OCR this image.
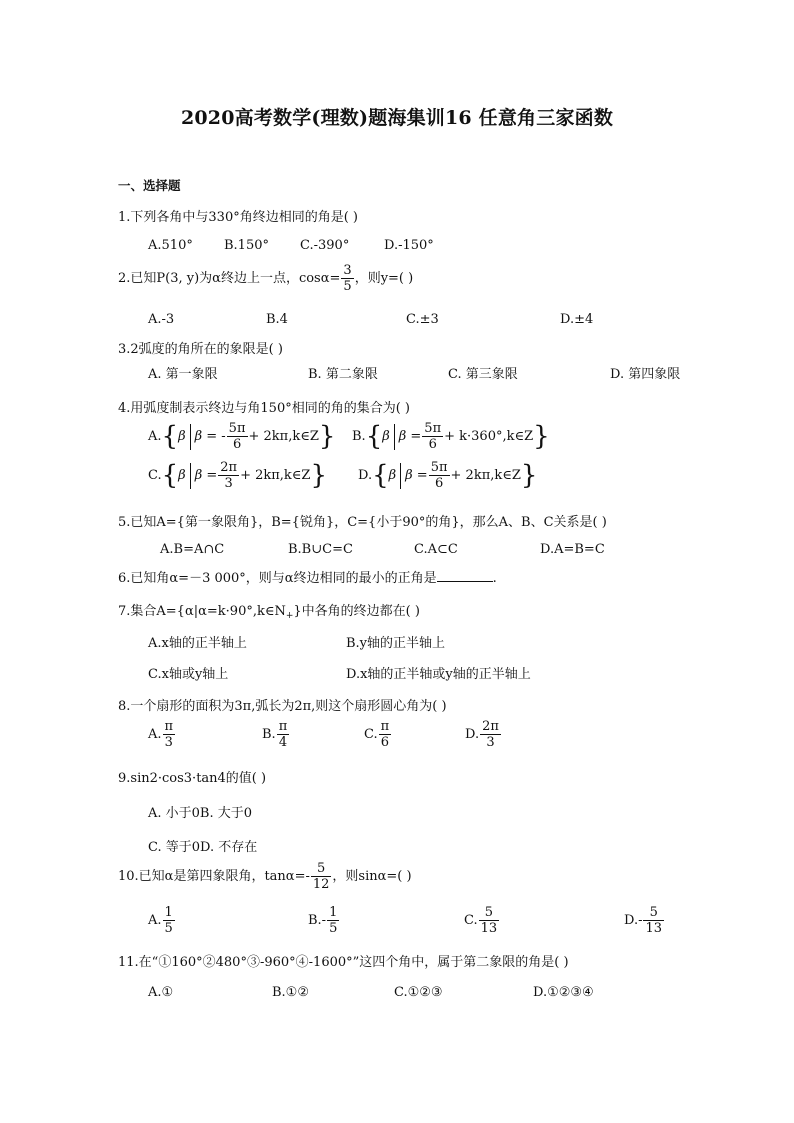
2020高考数学(理数)题海集训16 任意角三家函数
一、选择题
1.下列各角中与330°角终边相同的角是( )
A.510° B.150° C.-390°	D.-150°
2.已知P(3, y)为α终边上一点，$\cos\alpha= \frac{3}{5}$ ，则y=( )
A.-3	B.4	C.±3	D.±4
3.2弧度的角所在的象限是( )
A. 第一象限	B. 第二象限	C. 第三象限	D. 第四象限
4.用弧度制表示终边与角150°相同的角的集合为( )
A.{β β = - $\frac{5\pi}{6}$ + 2kπ,k∈Z} B.{β $\beta = \frac{5\pi}{6}$ + k·360°,k∈Z}
C.{β $\beta = \frac{2\pi}{3}$ + 2kπ,k∈Z} D.{β $\beta = \frac{5\pi}{6}$ + 2kπ,k∈Z}
5.已知A={第一象限角}，B={锐角}，C={小于90°的角}，那么A、B、C关系是( )
A.B=A∩C	B.B∪C=C	C.A⊂C	D.A=B=C
6.已知角α=－3 000°，则与α终边相同的最小的正角是	.
7.集合$A=\{\alpha|\alpha=k\cdot 90^\circ,k\in N_+\}$中各角的终边都在( )
A.x轴的正半轴上	B.y轴的正半轴上
C.x轴或y轴上	D.x轴的正半轴或y轴的正半轴上
8.一个扇形的面积为3π,弧长为2π,则这个扇形圆心角为( )
A. $\frac{\pi}{3}$	B. $\frac{\pi}{4}$	C. $\frac{\pi}{6}$	D. $\frac{2\pi}{3}$
9.sin2·cos3·tan4的值( )
A. 小于0B. 大于0
C. 等于0D. 不存在
10.已知α是第四象限角，$\tan\alpha=- \frac{5}{12}$ ，则sinα=( )
A. $\frac{1}{5}$	$B.- \frac{1}{5}$	C. $\frac{5}{13}$	$D.- \frac{5}{13}$
11.在“①160°②480°③-960°④-1600°”这四个角中，属于第二象限的角是( )
A.①	B.①②	C.①②③	D.①②③④
